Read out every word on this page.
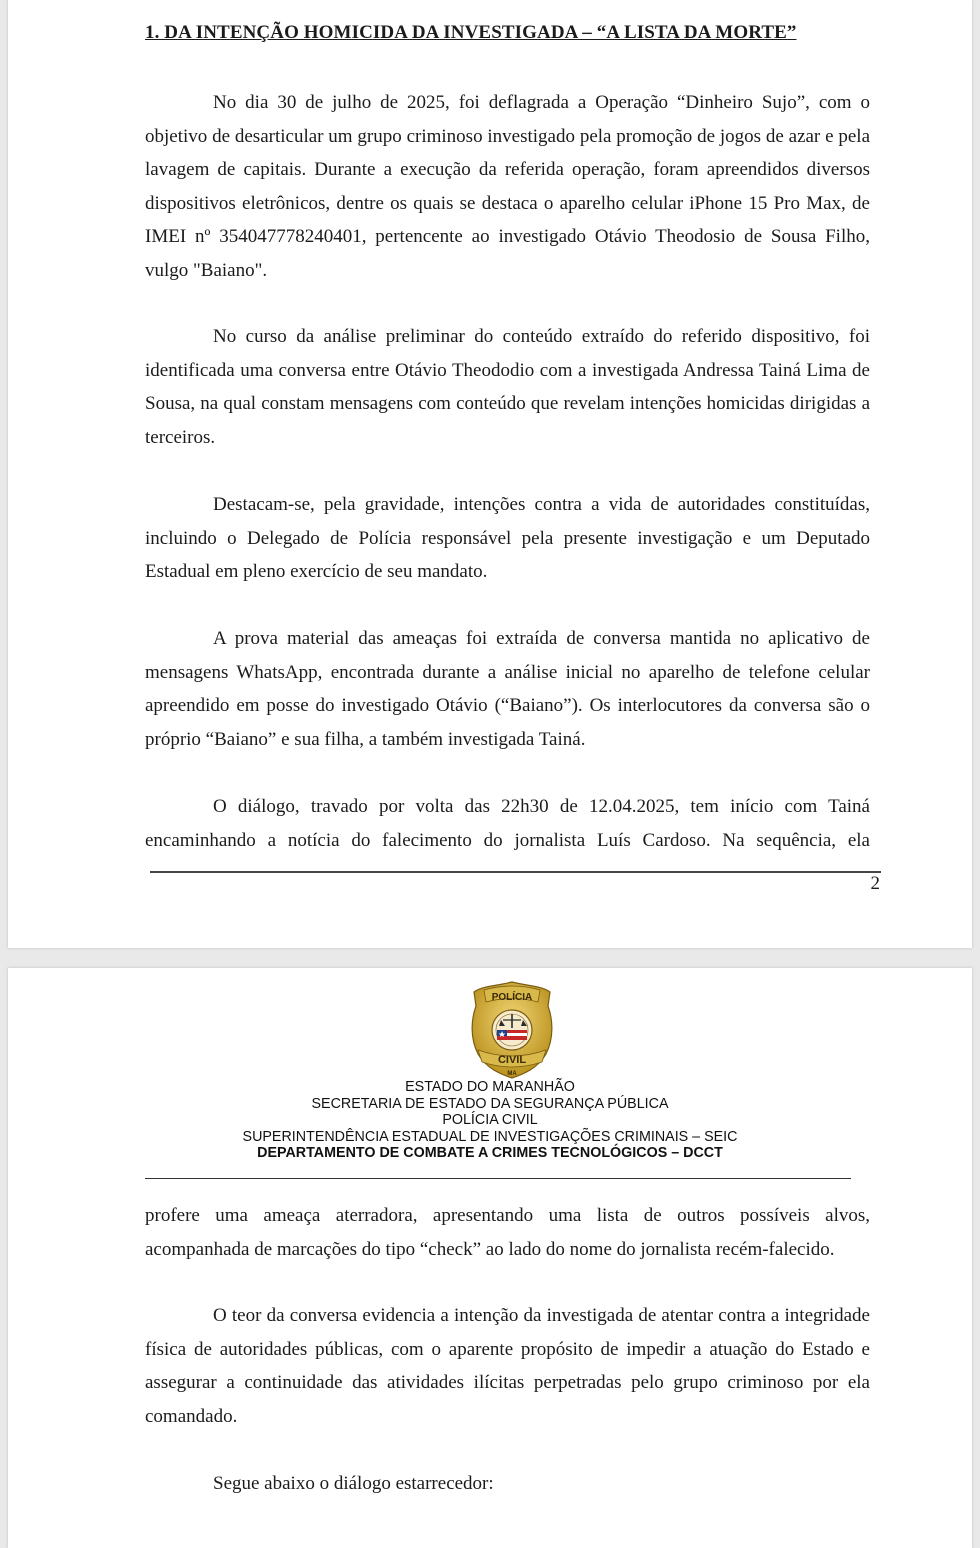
1. DA INTENÇÃO HOMICIDA DA INVESTIGADA – “A LISTA DA MORTE”

No dia 30 de julho de 2025, foi deflagrada a Operação “Dinheiro Sujo”, com o objetivo de desarticular um grupo criminoso investigado pela promoção de jogos de azar e pela lavagem de capitais. Durante a execução da referida operação, foram apreendidos diversos dispositivos eletrônicos, dentre os quais se destaca o aparelho celular iPhone 15 Pro Max, de IMEI nº 354047778240401, pertencente ao investigado Otávio Theodosio de Sousa Filho, vulgo "Baiano".

No curso da análise preliminar do conteúdo extraído do referido dispositivo, foi identificada uma conversa entre Otávio Theododio com a investigada Andressa Tainá Lima de Sousa, na qual constam mensagens com conteúdo que revelam intenções homicidas dirigidas a terceiros.

Destacam-se, pela gravidade, intenções contra a vida de autoridades constituídas, incluindo o Delegado de Polícia responsável pela presente investigação e um Deputado Estadual em pleno exercício de seu mandato.

A prova material das ameaças foi extraída de conversa mantida no aplicativo de mensagens WhatsApp, encontrada durante a análise inicial no aparelho de telefone celular apreendido em posse do investigado Otávio (“Baiano”). Os interlocutores da conversa são o próprio “Baiano” e sua filha, a também investigada Tainá.

O diálogo, travado por volta das 22h30 de 12.04.2025, tem início com Tainá encaminhando a notícia do falecimento do jornalista Luís Cardoso. Na sequência, ela

2
POLÍCIA
CIVIL
MA
ESTADO DO MARANHÃO
SECRETARIA DE ESTADO DA SEGURANÇA PÚBLICA
POLÍCIA CIVIL
SUPERINTENDÊNCIA ESTADUAL DE INVESTIGAÇÕES CRIMINAIS – SEIC
DEPARTAMENTO DE COMBATE A CRIMES TECNOLÓGICOS – DCCT

profere uma ameaça aterradora, apresentando uma lista de outros possíveis alvos, acompanhada de marcações do tipo “check” ao lado do nome do jornalista recém-falecido.

O teor da conversa evidencia a intenção da investigada de atentar contra a integridade física de autoridades públicas, com o aparente propósito de impedir a atuação do Estado e assegurar a continuidade das atividades ilícitas perpetradas pelo grupo criminoso por ela comandado.

Segue abaixo o diálogo estarrecedor:
